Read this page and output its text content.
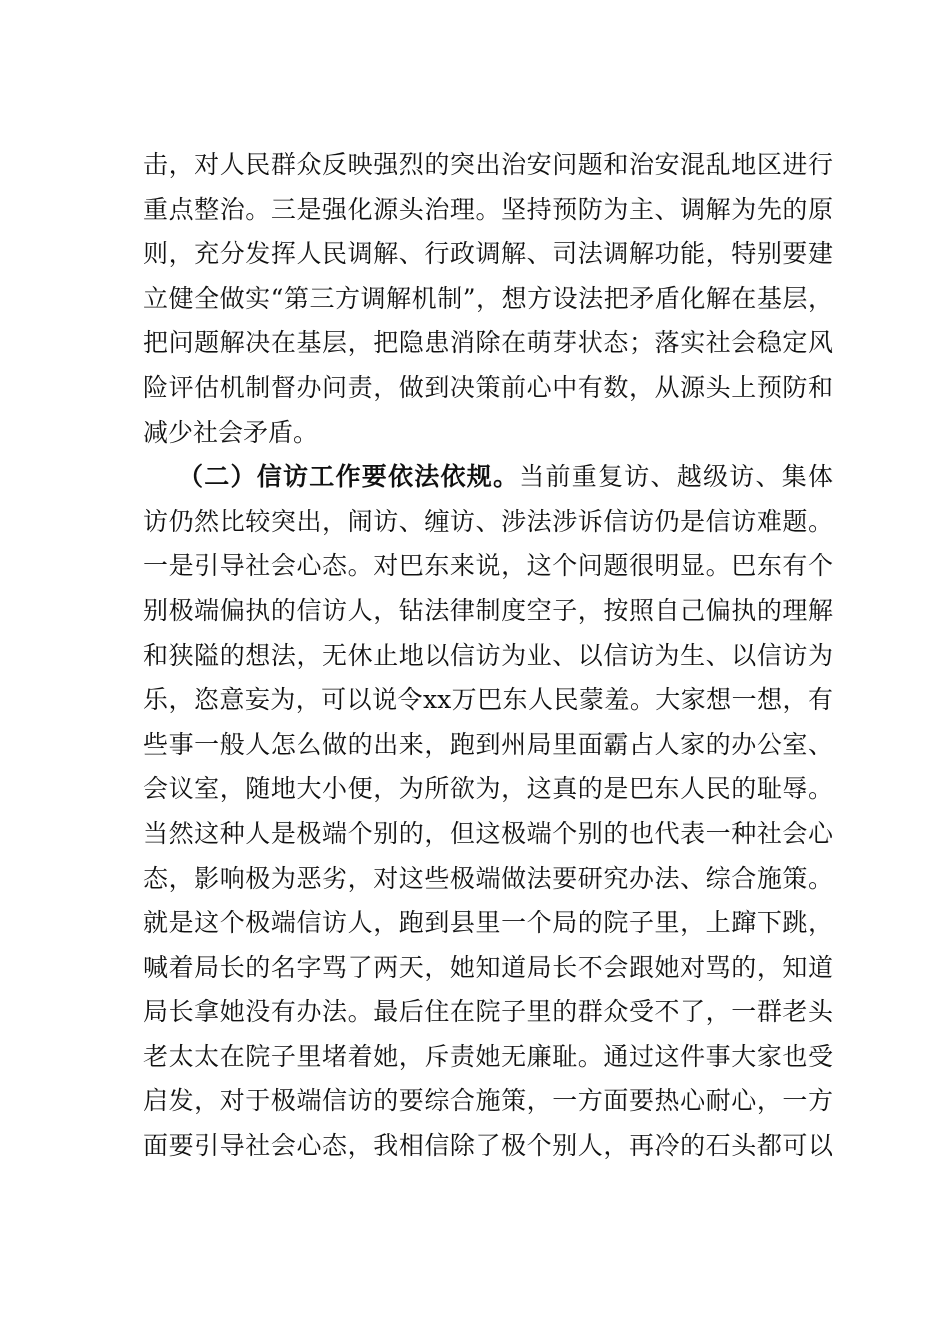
击，对人民群众反映强烈的突出治安问题和治安混乱地区进行
重点整治。三是强化源头治理。坚持预防为主、调解为先的原
则，充分发挥人民调解、行政调解、司法调解功能，特别要建
立健全做实“第三方调解机制”，想方设法把矛盾化解在基层，
把问题解决在基层，把隐患消除在萌芽状态；落实社会稳定风
险评估机制督办问责，做到决策前心中有数，从源头上预防和
减少社会矛盾。
（二）信访工作要依法依规。当前重复访、越级访、集体
访仍然比较突出，闹访、缠访、涉法涉诉信访仍是信访难题。
一是引导社会心态。对巴东来说，这个问题很明显。巴东有个
别极端偏执的信访人，钻法律制度空子，按照自己偏执的理解
和狭隘的想法，无休止地以信访为业、以信访为生、以信访为
乐，恣意妄为，可以说令xx万巴东人民蒙羞。大家想一想，有
些事一般人怎么做的出来，跑到州局里面霸占人家的办公室、
会议室，随地大小便，为所欲为，这真的是巴东人民的耻辱。
当然这种人是极端个别的，但这极端个别的也代表一种社会心
态，影响极为恶劣，对这些极端做法要研究办法、综合施策。
就是这个极端信访人，跑到县里一个局的院子里，上蹿下跳，
喊着局长的名字骂了两天，她知道局长不会跟她对骂的，知道
局长拿她没有办法。最后住在院子里的群众受不了，一群老头
老太太在院子里堵着她，斥责她无廉耻。通过这件事大家也受
启发，对于极端信访的要综合施策，一方面要热心耐心，一方
面要引导社会心态，我相信除了极个别人，再冷的石头都可以
